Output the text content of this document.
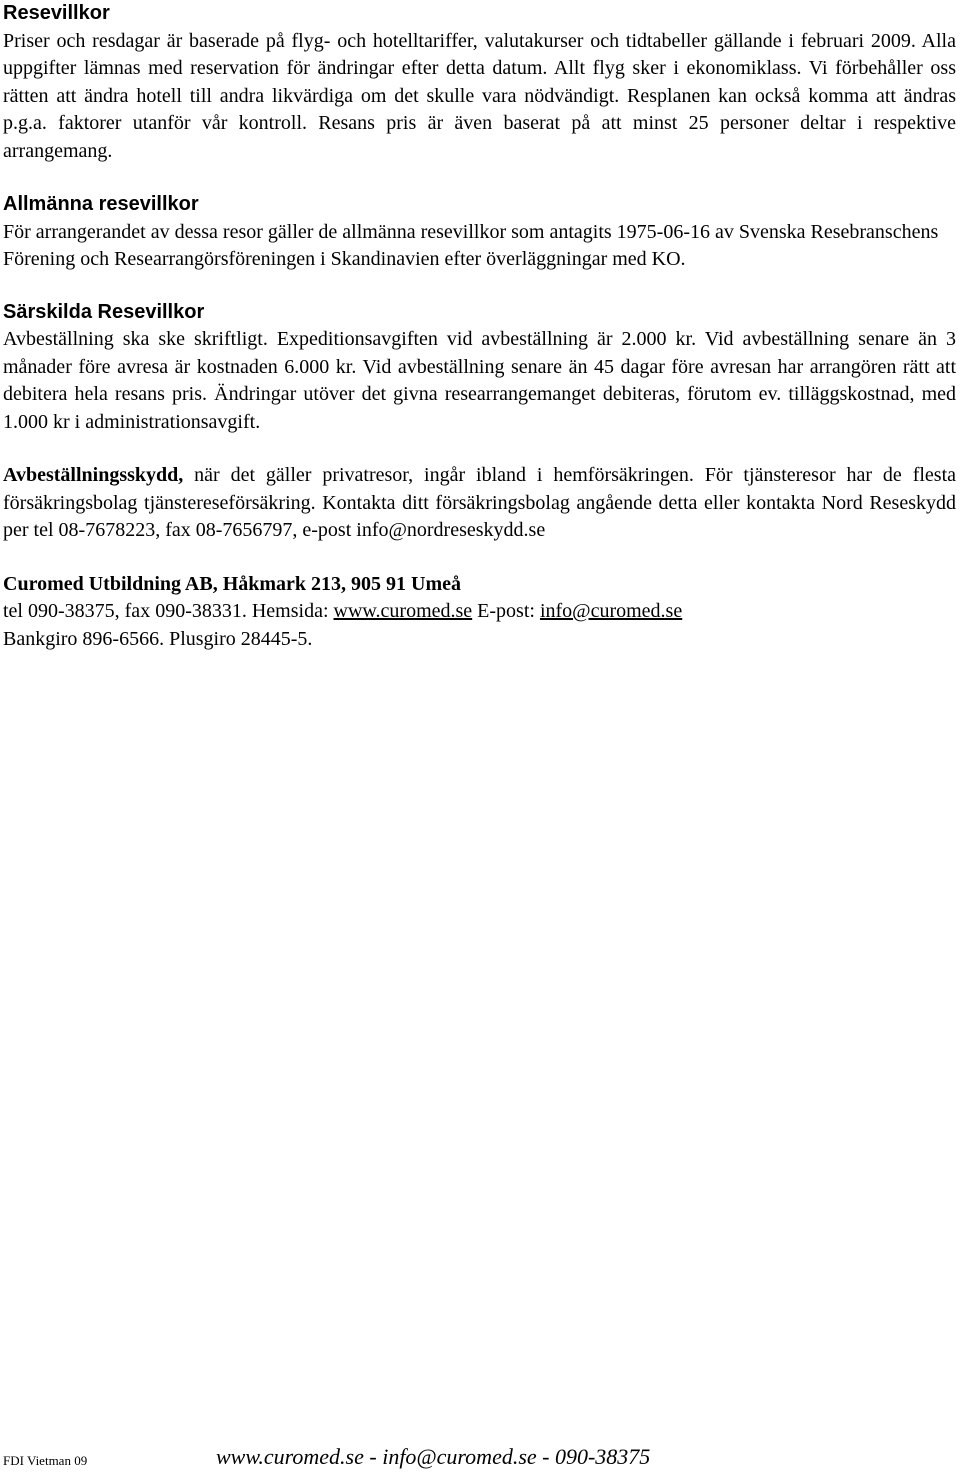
Resevillkor

Priser och resdagar är baserade på flyg- och hotelltariffer, valutakurser och tidtabeller gällande i februari 2009. Alla uppgifter lämnas med reservation för ändringar efter detta datum. Allt flyg sker i ekonomiklass. Vi förbehåller oss rätten att ändra hotell till andra likvärdiga om det skulle vara nödvändigt. Resplanen kan också komma att ändras p.g.a. faktorer utanför vår kontroll. Resans pris är även baserat på att minst 25 personer deltar i respektive arrangemang.

Allmänna resevillkor

För arrangerandet av dessa resor gäller de allmänna resevillkor som antagits 1975-06-16 av Svenska Resebranschens Förening och Researrangörsföreningen i Skandinavien efter överläggningar med KO.

Särskilda Resevillkor

Avbeställning ska ske skriftligt. Expeditionsavgiften vid avbeställning är 2.000 kr. Vid avbeställning senare än 3 månader före avresa är kostnaden 6.000 kr. Vid avbeställning senare än 45 dagar före avresan har arrangören rätt att debitera hela resans pris. Ändringar utöver det givna researrangemanget debiteras, förutom ev. tilläggskostnad, med 1.000 kr i administrationsavgift.

Avbeställningsskydd, när det gäller privatresor, ingår ibland i hemförsäkringen. För tjänsteresor har de flesta försäkringsbolag tjänstereseförsäkring. Kontakta ditt försäkringsbolag angående detta eller kontakta Nord Reseskydd per tel 08-7678223, fax 08-7656797, e-post info@nordreseskydd.se

Curomed Utbildning AB, Håkmark 213, 905 91 Umeå

tel 090-38375, fax 090-38331. Hemsida: www.curomed.se E-post: info@curomed.se

Bankgiro 896-6566. Plusgiro 28445-5.

FDI Vietman 09	www.curomed.se - info@curomed.se - 090-38375
